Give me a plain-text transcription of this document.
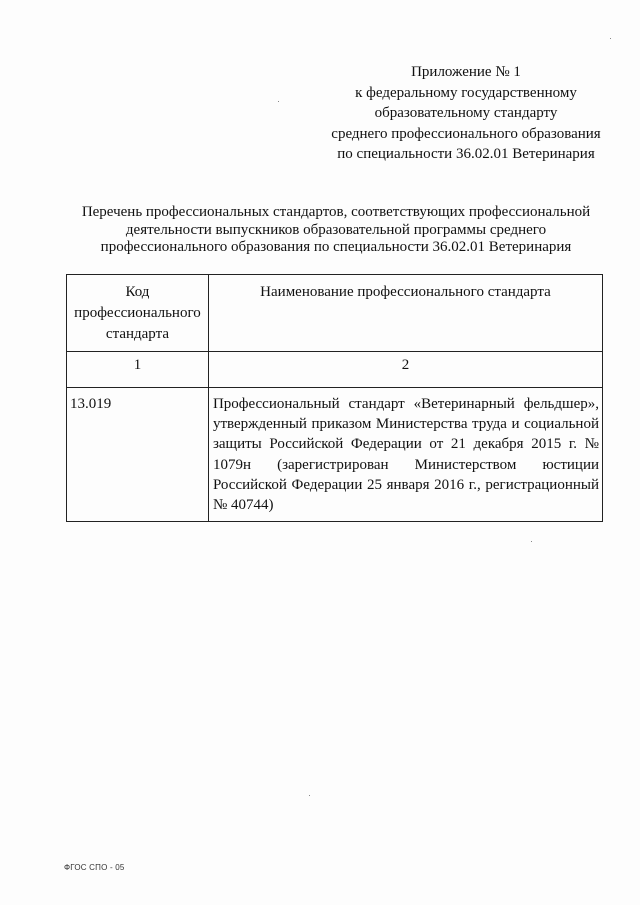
Приложение № 1
к федеральному государственному
образовательному стандарту
среднего профессионального образования
по специальности 36.02.01 Ветеринария
Перечень профессиональных стандартов, соответствующих профессиональной
деятельности выпускников образовательной программы среднего
профессионального образования по специальности 36.02.01 Ветеринария
Код
профессионального
стандарта	Наименование профессионального стандарта
1	2
13.019	Профессиональный стандарт «Ветеринарный фельдшер», утвержденный приказом Министерства труда и социальной защиты Российской Федерации от 21 декабря 2015 г. № 1079н (зарегистрирован Министерством юстиции Российской Федерации 25 января 2016 г., регистрационный № 40744)
ФГОС СПО - 05
